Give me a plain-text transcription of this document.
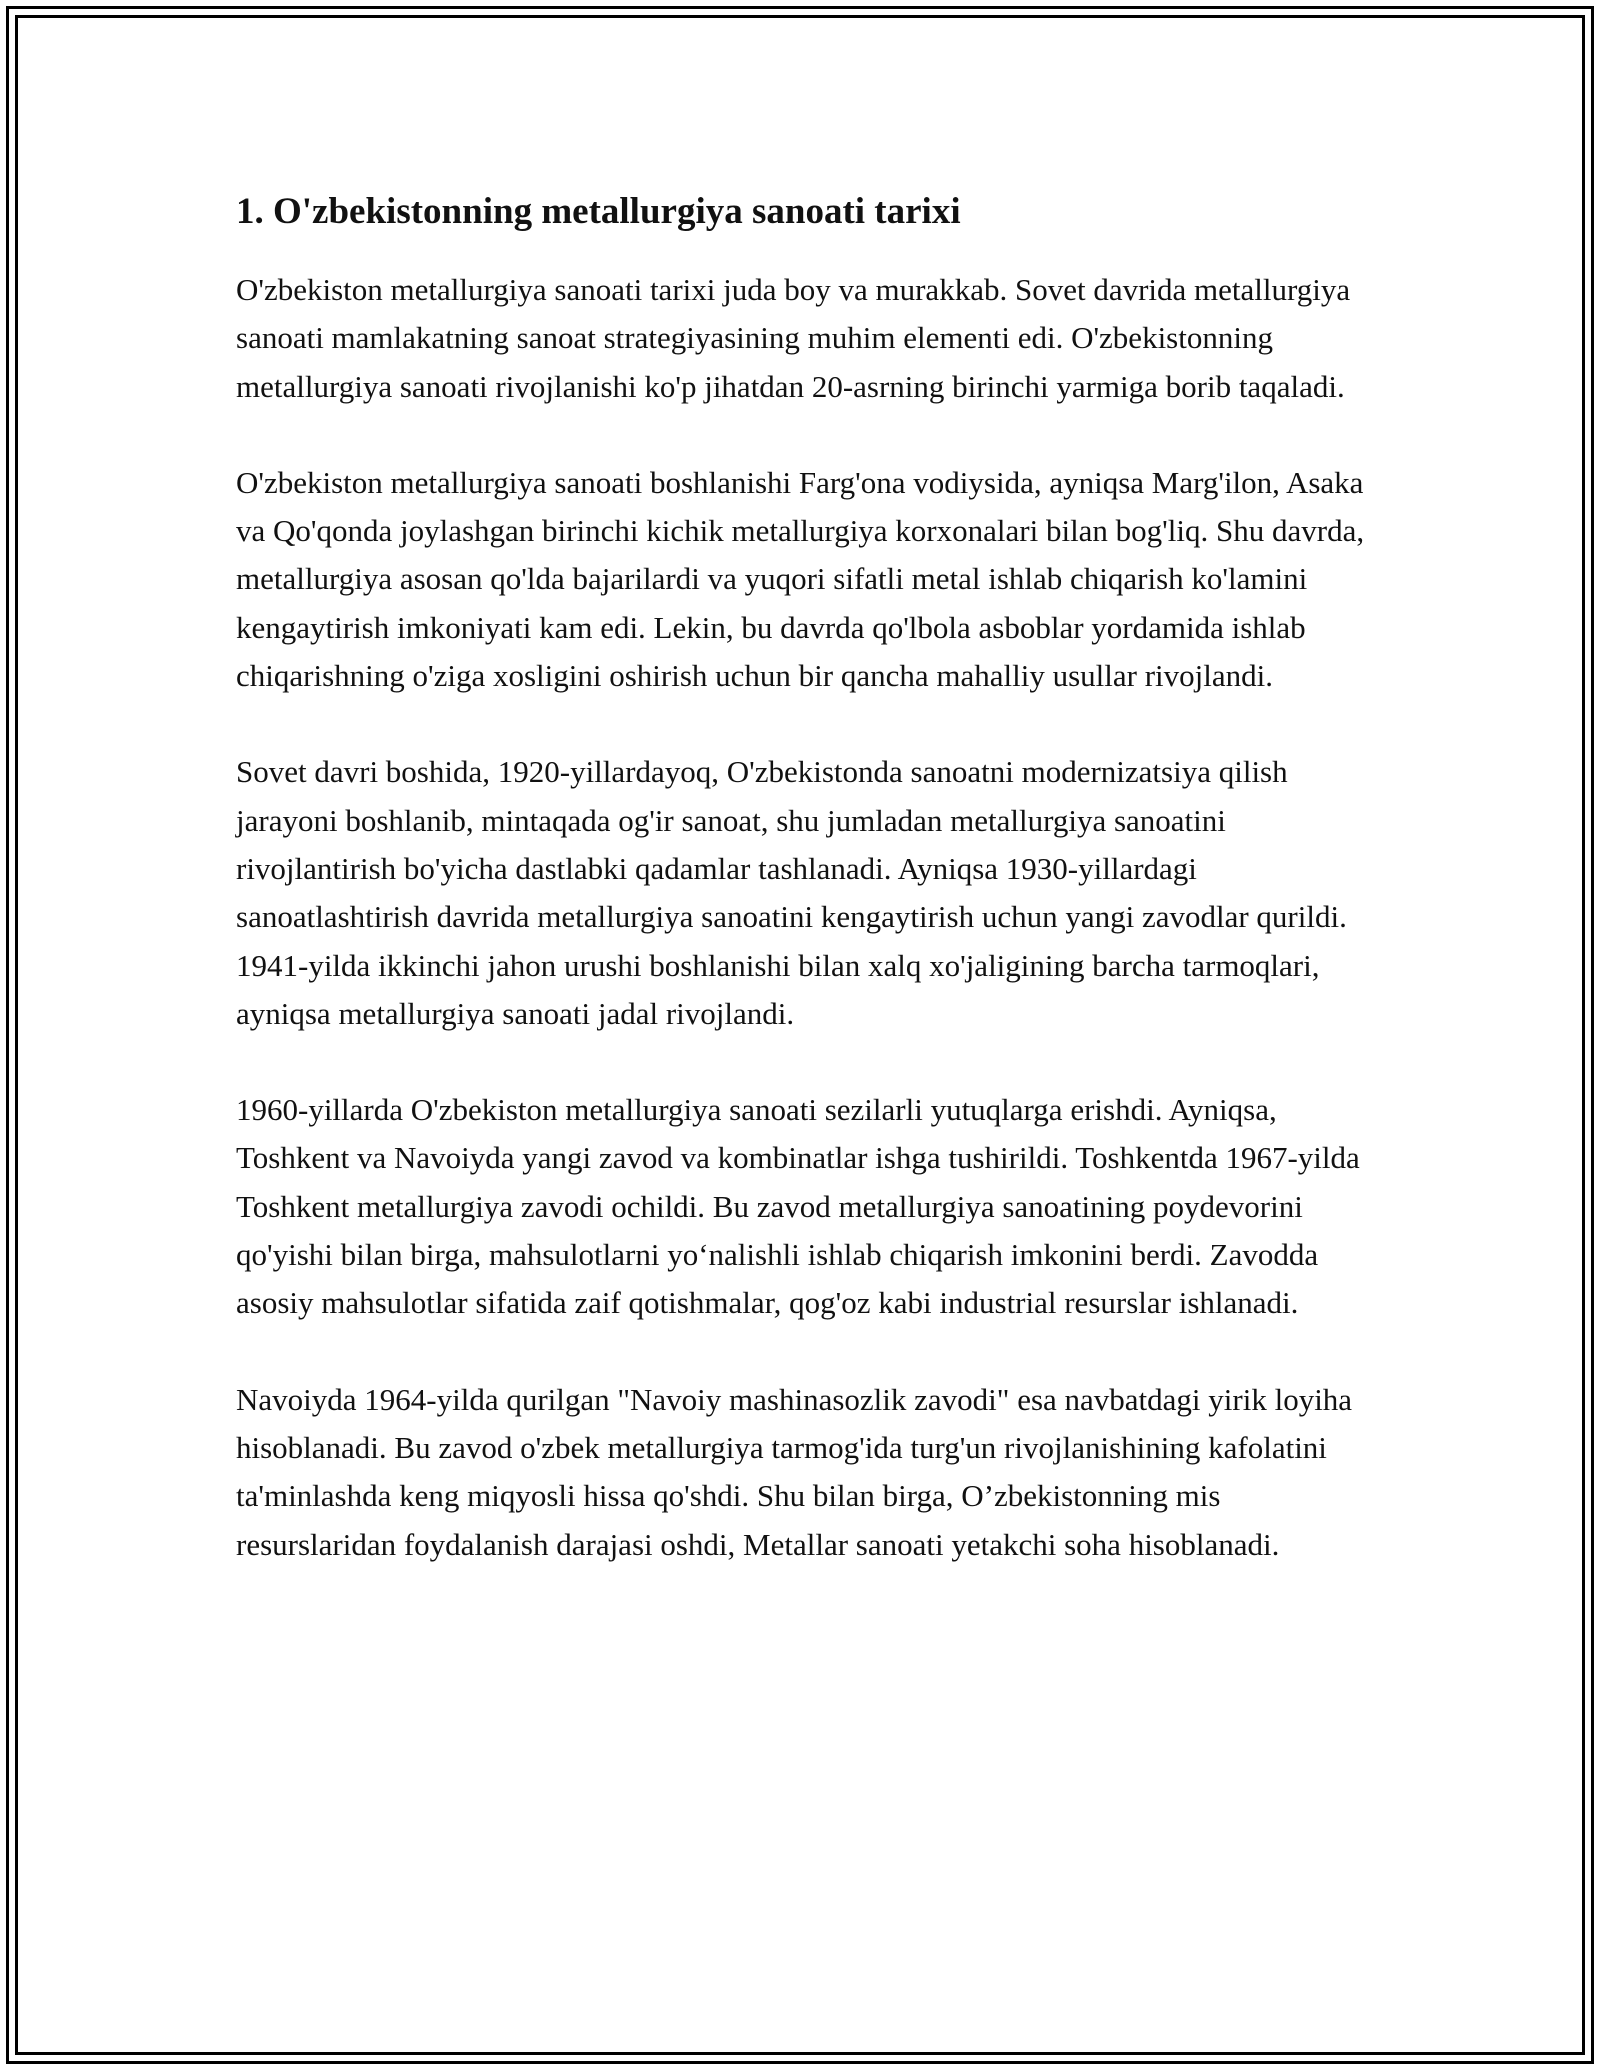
1. O'zbekistonning metallurgiya sanoati tarixi

O'zbekiston metallurgiya sanoati tarixi juda boy va murakkab. Sovet davrida metallurgiya sanoati mamlakatning sanoat strategiyasining muhim elementi edi. O'zbekistonning metallurgiya sanoati rivojlanishi ko'p jihatdan 20-asrning birinchi yarmiga borib taqaladi.

O'zbekiston metallurgiya sanoati boshlanishi Farg'ona vodiysida, ayniqsa Marg'ilon, Asaka va Qo'qonda joylashgan birinchi kichik metallurgiya korxonalari bilan bog'liq. Shu davrda, metallurgiya asosan qo'lda bajarilardi va yuqori sifatli metal ishlab chiqarish ko'lamini kengaytirish imkoniyati kam edi. Lekin, bu davrda qo'lbola asboblar yordamida ishlab chiqarishning o'ziga xosligini oshirish uchun bir qancha mahalliy usullar rivojlandi.

Sovet davri boshida, 1920-yillardayoq, O'zbekistonda sanoatni modernizatsiya qilish jarayoni boshlanib, mintaqada og'ir sanoat, shu jumladan metallurgiya sanoatini rivojlantirish bo'yicha dastlabki qadamlar tashlanadi. Ayniqsa 1930-yillardagi sanoatlashtirish davrida metallurgiya sanoatini kengaytirish uchun yangi zavodlar qurildi. 1941-yilda ikkinchi jahon urushi boshlanishi bilan xalq xo'jaligining barcha tarmoqlari, ayniqsa metallurgiya sanoati jadal rivojlandi.

1960-yillarda O'zbekiston metallurgiya sanoati sezilarli yutuqlarga erishdi. Ayniqsa, Toshkent va Navoiyda yangi zavod va kombinatlar ishga tushirildi. Toshkentda 1967-yilda Toshkent metallurgiya zavodi ochildi. Bu zavod metallurgiya sanoatining poydevorini qo'yishi bilan birga, mahsulotlarni yo‘nalishli ishlab chiqarish imkonini berdi. Zavodda asosiy mahsulotlar sifatida zaif qotishmalar, qog'oz kabi industrial resurslar ishlanadi.

Navoiyda 1964-yilda qurilgan "Navoiy mashinasozlik zavodi" esa navbatdagi yirik loyiha hisoblanadi. Bu zavod o'zbek metallurgiya tarmog'ida turg'un rivojlanishining kafolatini ta'minlashda keng miqyosli hissa qo'shdi. Shu bilan birga, O’zbekistonning mis resurslaridan foydalanish darajasi oshdi, Metallar sanoati yetakchi soha hisoblanadi.
